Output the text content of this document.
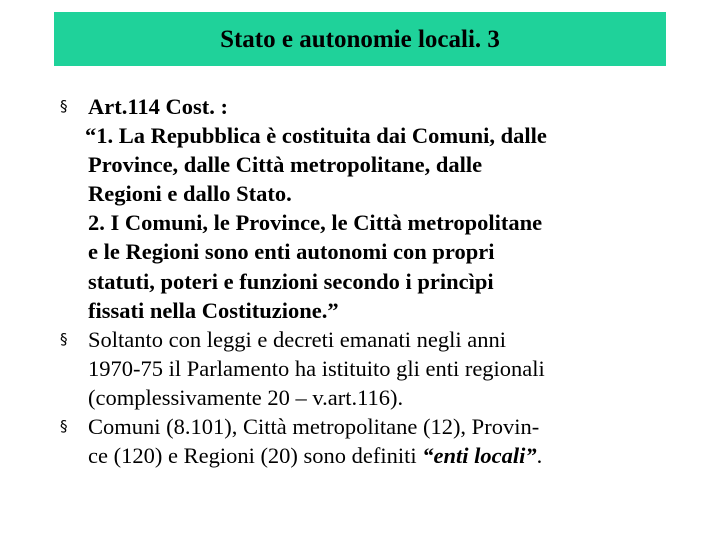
Stato e autonomie locali. 3
§ Art.114 Cost. :
“1. La Repubblica è costituita dai Comuni, dalle
Province, dalle Città metropolitane, dalle
Regioni e dallo Stato.
2. I Comuni, le Province, le Città metropolitane
e le Regioni sono enti autonomi con propri
statuti, poteri e funzioni secondo i princìpi
fissati nella Costituzione.”
§ Soltanto con leggi e decreti emanati negli anni
1970-75 il Parlamento ha istituito gli enti regionali
(complessivamente 20 – v.art.116).
§ Comuni (8.101), Città metropolitane (12), Provin-
ce (120) e Regioni (20) sono definiti “enti locali”.
